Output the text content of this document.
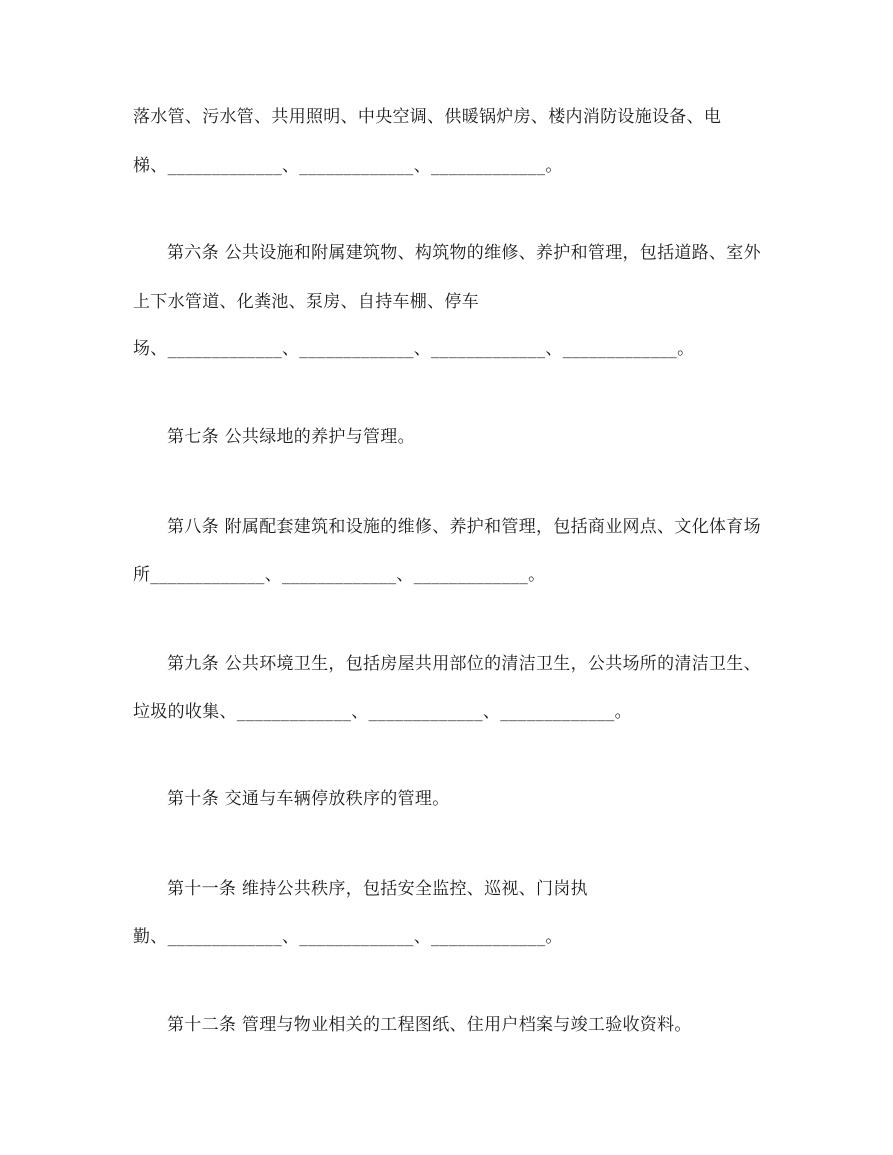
落水管、污水管、共用照明、中央空调、供暖锅炉房、楼内消防设施设备、电
梯、_____________、_____________、_____________。
第六条 公共设施和附属建筑物、构筑物的维修、养护和管理，包括道路、室外
上下水管道、化粪池、泵房、自持车棚、停车
场、_____________、_____________、_____________、_____________。
第七条 公共绿地的养护与管理。
第八条 附属配套建筑和设施的维修、养护和管理，包括商业网点、文化体育场
所_____________、_____________、_____________。
第九条 公共环境卫生，包括房屋共用部位的清洁卫生，公共场所的清洁卫生、
垃圾的收集、_____________、_____________、_____________。
第十条 交通与车辆停放秩序的管理。
第十一条 维持公共秩序，包括安全监控、巡视、门岗执
勤、_____________、_____________、_____________。
第十二条 管理与物业相关的工程图纸、住用户档案与竣工验收资料。
